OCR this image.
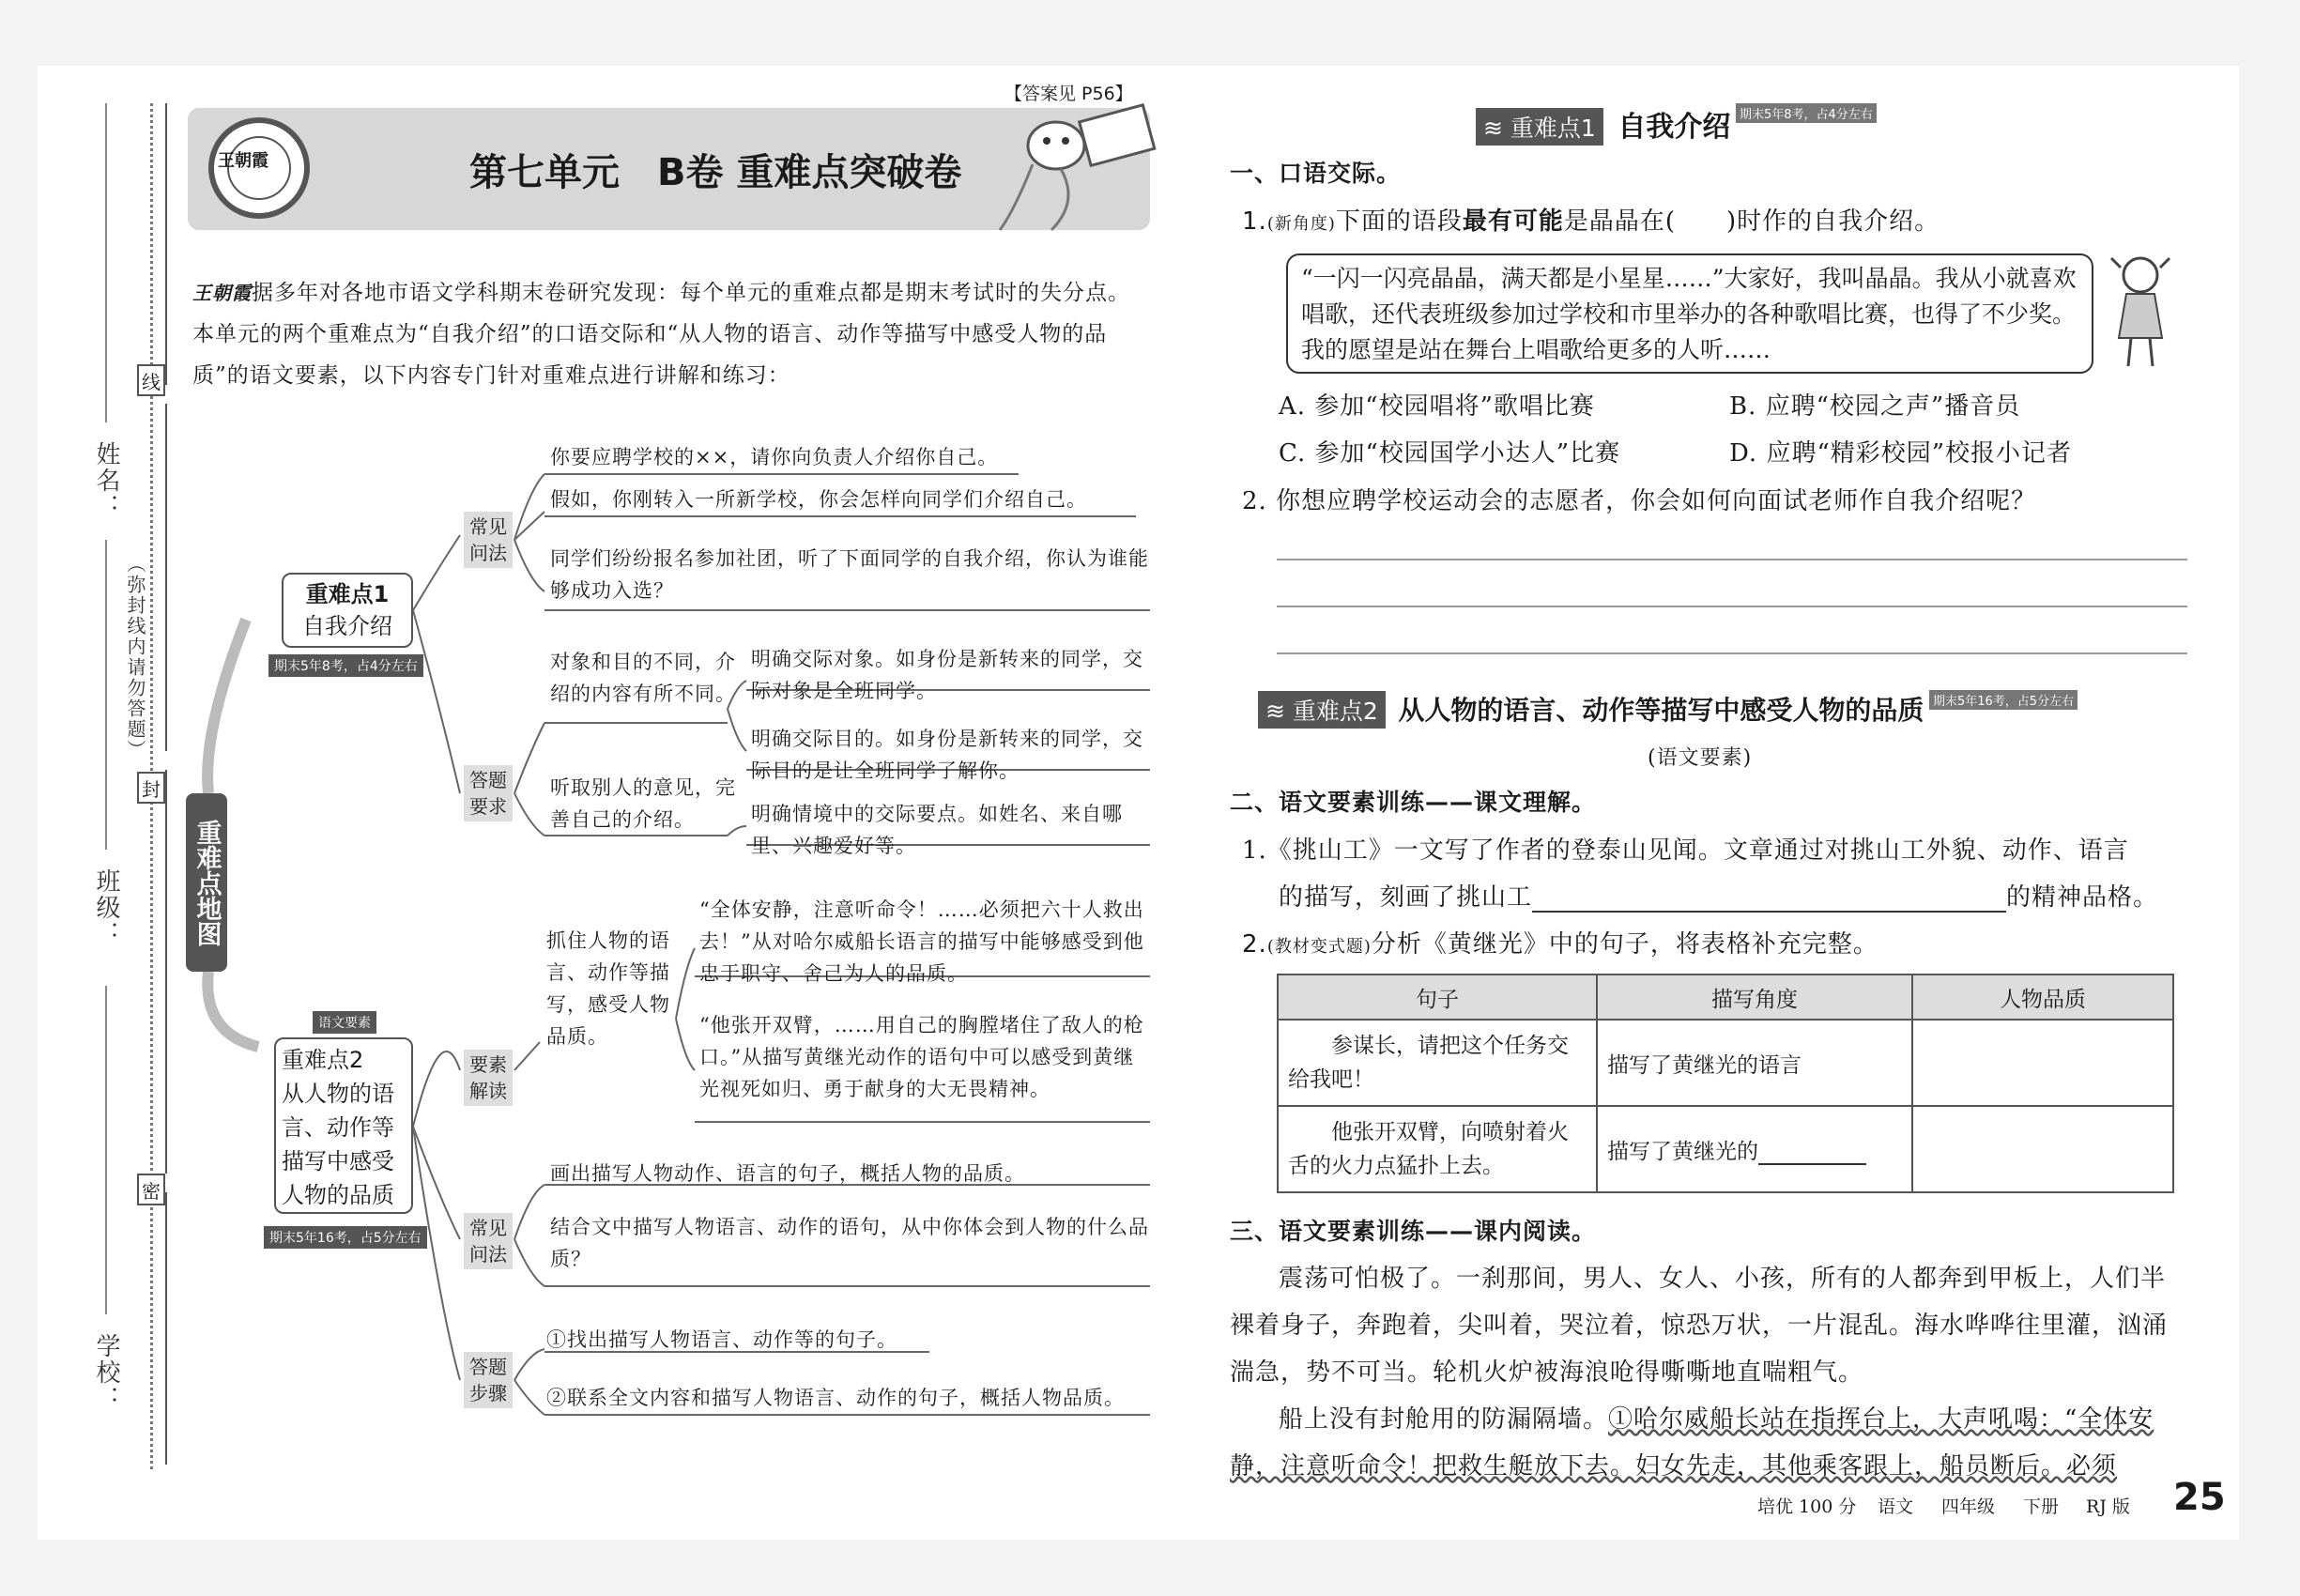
线
封
密
姓名：
（弥封线内请勿答题）
班级：
学校：
【答案见 P56】
王朝霞	第七单元　B卷 重难点突破卷
王朝霞据多年对各地市语文学科期末卷研究发现：每个单元的重难点都是期末考试时的失分点。本单元的两个重难点为“自我介绍”的口语交际和“从人物的语言、动作等描写中感受人物的品质”的语文要素，以下内容专门针对重难点进行讲解和练习：
重难点地图
重难点1
自我介绍
期末5年8考，占4分左右
语文要素
重难点2
从人物的语言、动作等描写中感受人物的品质
期末5年16考，占5分左右
常见问法
答题要求
要素解读
常见问法
答题步骤
你要应聘学校的××，请你向负责人介绍你自己。
假如，你刚转入一所新学校，你会怎样向同学们介绍自己。
同学们纷纷报名参加社团，听了下面同学的自我介绍，你认为谁能够成功入选？
对象和目的不同，介绍的内容有所不同。
听取别人的意见，完善自己的介绍。
明确交际对象。如身份是新转来的同学，交际对象是全班同学。
明确交际目的。如身份是新转来的同学，交际目的是让全班同学了解你。
明确情境中的交际要点。如姓名、来自哪里、兴趣爱好等。
抓住人物的语言、动作等描写，感受人物品质。
“全体安静，注意听命令！……必须把六十人救出去！”从对哈尔威船长语言的描写中能够感受到他忠于职守、舍己为人的品质。
“他张开双臂，……用自己的胸膛堵住了敌人的枪口。”从描写黄继光动作的语句中可以感受到黄继光视死如归、勇于献身的大无畏精神。
画出描写人物动作、语言的句子，概括人物的品质。
结合文中描写人物语言、动作的语句，从中你体会到人物的什么品质？
①找出描写人物语言、动作等的句子。
②联系全文内容和描写人物语言、动作的句子，概括人物品质。
≋ 重难点1 自我介绍 期末5年8考，占4分左右
一、口语交际。
1.(新角度)下面的语段最有可能是晶晶在(　　)时作的自我介绍。
“一闪一闪亮晶晶，满天都是小星星……”大家好，我叫晶晶。我从小就喜欢唱歌，还代表班级参加过学校和市里举办的各种歌唱比赛，也得了不少奖。我的愿望是站在舞台上唱歌给更多的人听……
A. 参加“校园唱将”歌唱比赛	B. 应聘“校园之声”播音员
C. 参加“校园国学小达人”比赛	D. 应聘“精彩校园”校报小记者
2. 你想应聘学校运动会的志愿者，你会如何向面试老师作自我介绍呢？
≋ 重难点2 从人物的语言、动作等描写中感受人物的品质 期末5年16考，占5分左右
(语文要素)
二、语文要素训练——课文理解。
1.《挑山工》一文写了作者的登泰山见闻。文章通过对挑山工外貌、动作、语言
的描写，刻画了挑山工	的精神品格。
2.(教材变式题)分析《黄继光》中的句子，将表格补充完整。
句子	描写角度	人物品质
参谋长，请把这个任务交给我吧！	描写了黄继光的语言	
他张开双臂，向喷射着火舌的火力点猛扑上去。	描写了黄继光的	
三、语文要素训练——课内阅读。
震荡可怕极了。一刹那间，男人、女人、小孩，所有的人都奔到甲板上，人们半裸着身子，奔跑着，尖叫着，哭泣着，惊恐万状，一片混乱。海水哗哗往里灌，汹涌湍急，势不可当。轮机火炉被海浪呛得嘶嘶地直喘粗气。
船上没有封舱用的防漏隔墙。①哈尔威船长站在指挥台上，大声吼喝：“全体安静，注意听命令！把救生艇放下去。妇女先走，其他乘客跟上，船员断后。必须
培优 100 分 语文 四年级 下册 RJ 版 25
